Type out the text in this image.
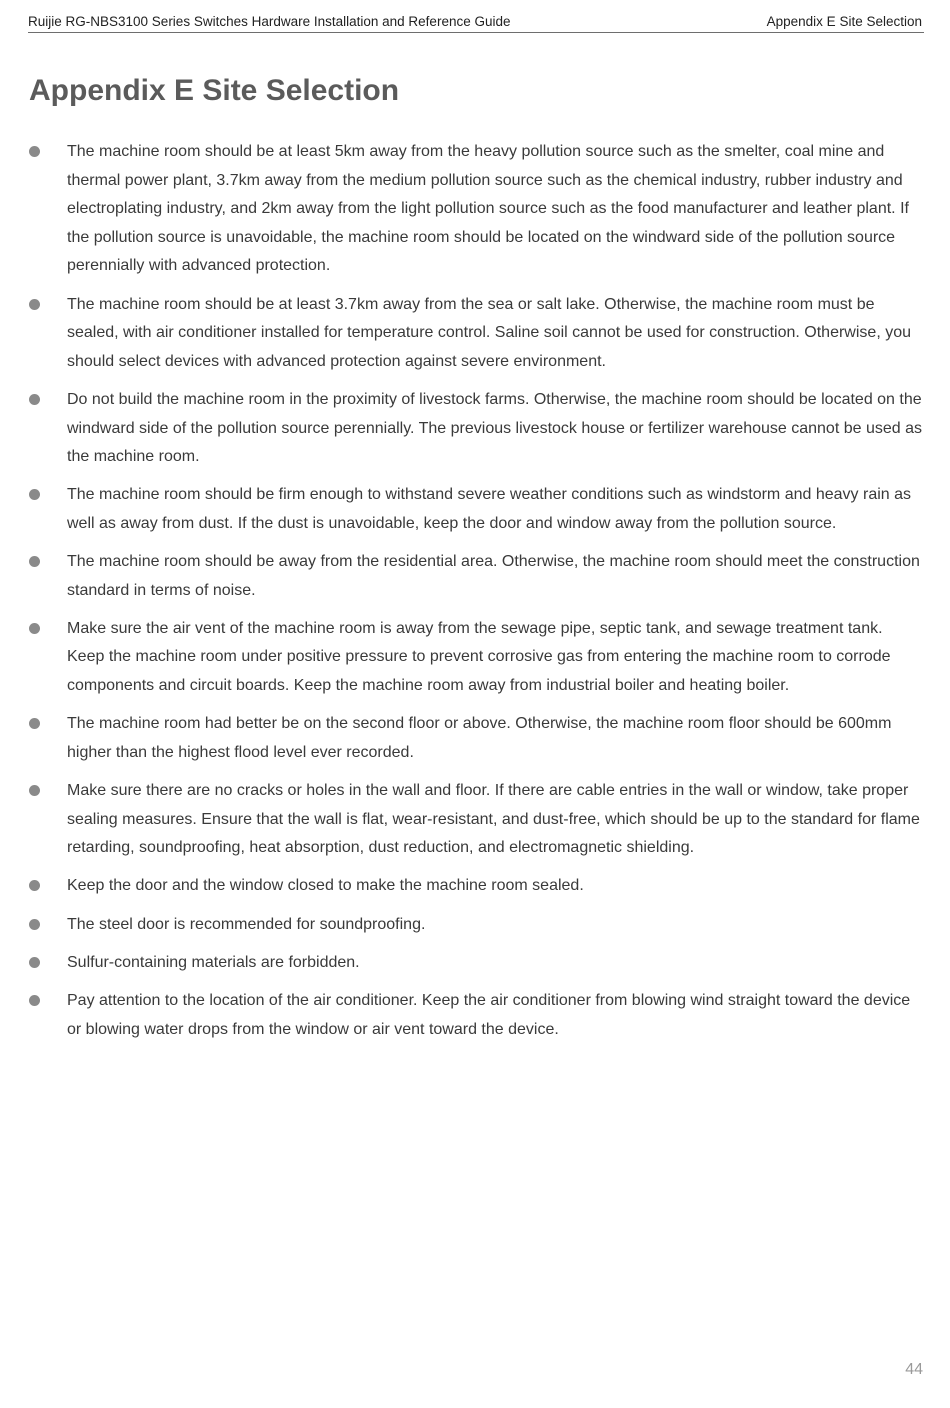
Ruijie RG-NBS3100 Series Switches Hardware Installation and Reference Guide	Appendix E Site Selection
Appendix E Site Selection
The machine room should be at least 5km away from the heavy pollution source such as the smelter, coal mine and thermal power plant, 3.7km away from the medium pollution source such as the chemical industry, rubber industry and electroplating industry, and 2km away from the light pollution source such as the food manufacturer and leather plant. If the pollution source is unavoidable, the machine room should be located on the windward side of the pollution source perennially with advanced protection.
The machine room should be at least 3.7km away from the sea or salt lake. Otherwise, the machine room must be sealed, with air conditioner installed for temperature control. Saline soil cannot be used for construction. Otherwise, you should select devices with advanced protection against severe environment.
Do not build the machine room in the proximity of livestock farms. Otherwise, the machine room should be located on the windward side of the pollution source perennially. The previous livestock house or fertilizer warehouse cannot be used as the machine room.
The machine room should be firm enough to withstand severe weather conditions such as windstorm and heavy rain as well as away from dust. If the dust is unavoidable, keep the door and window away from the pollution source.
The machine room should be away from the residential area. Otherwise, the machine room should meet the construction standard in terms of noise.
Make sure the air vent of the machine room is away from the sewage pipe, septic tank, and sewage treatment tank. Keep the machine room under positive pressure to prevent corrosive gas from entering the machine room to corrode components and circuit boards. Keep the machine room away from industrial boiler and heating boiler.
The machine room had better be on the second floor or above. Otherwise, the machine room floor should be 600mm higher than the highest flood level ever recorded.
Make sure there are no cracks or holes in the wall and floor. If there are cable entries in the wall or window, take proper sealing measures. Ensure that the wall is flat, wear-resistant, and dust-free, which should be up to the standard for flame retarding, soundproofing, heat absorption, dust reduction, and electromagnetic shielding.
Keep the door and the window closed to make the machine room sealed.
The steel door is recommended for soundproofing.
Sulfur-containing materials are forbidden.
Pay attention to the location of the air conditioner. Keep the air conditioner from blowing wind straight toward the device or blowing water drops from the window or air vent toward the device.
44
